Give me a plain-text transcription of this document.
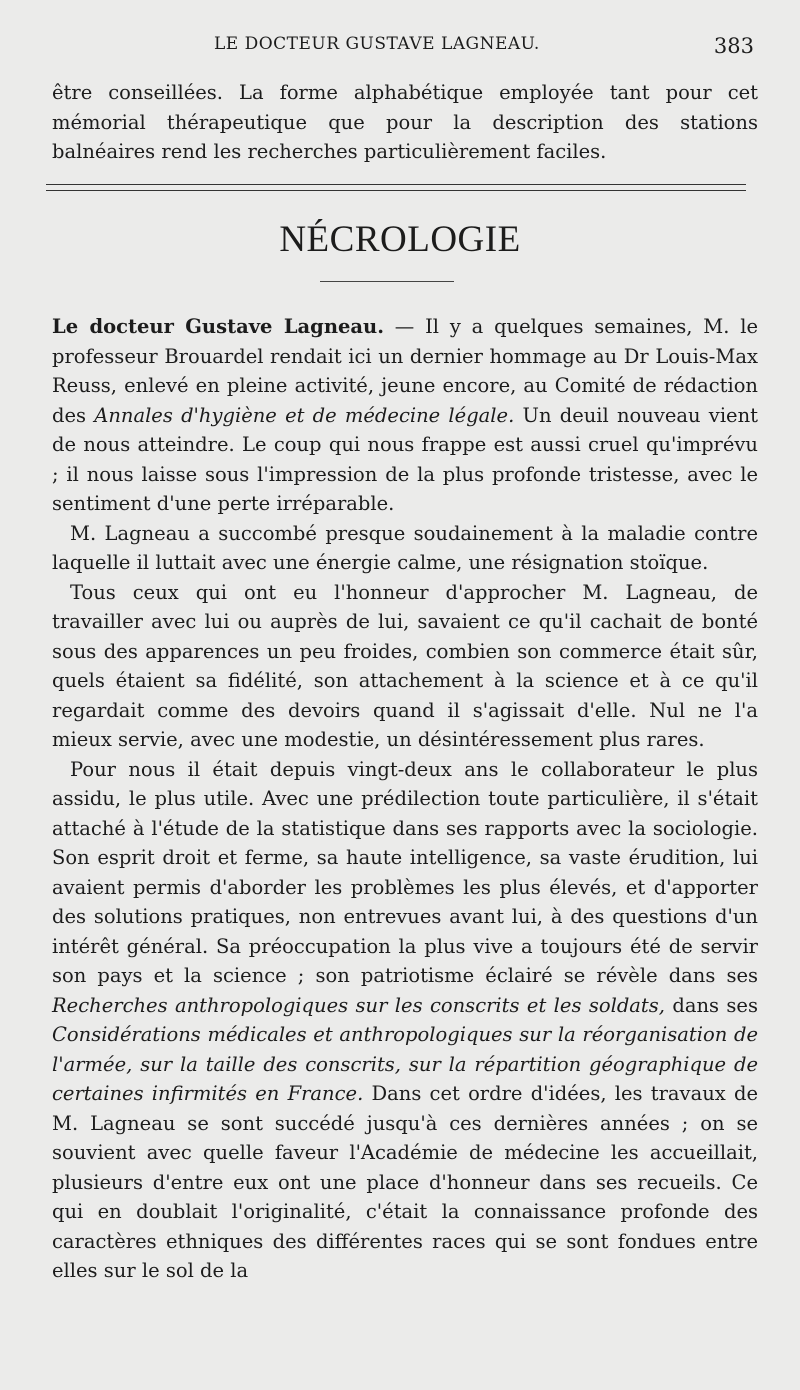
LE DOCTEUR GUSTAVE LAGNEAU.	383

être conseillées. La forme alphabétique employée tant pour cet mémorial thérapeutique que pour la description des stations balnéaires rend les recherches particulièrement faciles.

NÉCROLOGIE

Le docteur Gustave Lagneau. — Il y a quelques semaines, M. le professeur Brouardel rendait ici un dernier hommage au Dr Louis-Max Reuss, enlevé en pleine activité, jeune encore, au Comité de rédaction des Annales d'hygiène et de médecine légale. Un deuil nouveau vient de nous atteindre. Le coup qui nous frappe est aussi cruel qu'imprévu ; il nous laisse sous l'impression de la plus profonde tristesse, avec le sentiment d'une perte irréparable.

M. Lagneau a succombé presque soudainement à la maladie contre laquelle il luttait avec une énergie calme, une résignation stoïque.

Tous ceux qui ont eu l'honneur d'approcher M. Lagneau, de travailler avec lui ou auprès de lui, savaient ce qu'il cachait de bonté sous des apparences un peu froides, combien son commerce était sûr, quels étaient sa fidélité, son attachement à la science et à ce qu'il regardait comme des devoirs quand il s'agissait d'elle. Nul ne l'a mieux servie, avec une modestie, un désintéressement plus rares.

Pour nous il était depuis vingt-deux ans le collaborateur le plus assidu, le plus utile. Avec une prédilection toute particulière, il s'était attaché à l'étude de la statistique dans ses rapports avec la sociologie. Son esprit droit et ferme, sa haute intelligence, sa vaste érudition, lui avaient permis d'aborder les problèmes les plus élevés, et d'apporter des solutions pratiques, non entrevues avant lui, à des questions d'un intérêt général. Sa préoccupation la plus vive a toujours été de servir son pays et la science ; son patriotisme éclairé se révèle dans ses Recherches anthropologiques sur les conscrits et les soldats, dans ses Considérations médicales et anthropologiques sur la réorganisation de l'armée, sur la taille des conscrits, sur la répartition géographique de certaines infirmités en France. Dans cet ordre d'idées, les travaux de M. Lagneau se sont succédé jusqu'à ces dernières années ; on se souvient avec quelle faveur l'Académie de médecine les accueillait, plusieurs d'entre eux ont une place d'honneur dans ses recueils. Ce qui en doublait l'originalité, c'était la connaissance profonde des caractères ethniques des différentes races qui se sont fondues entre elles sur le sol de la
